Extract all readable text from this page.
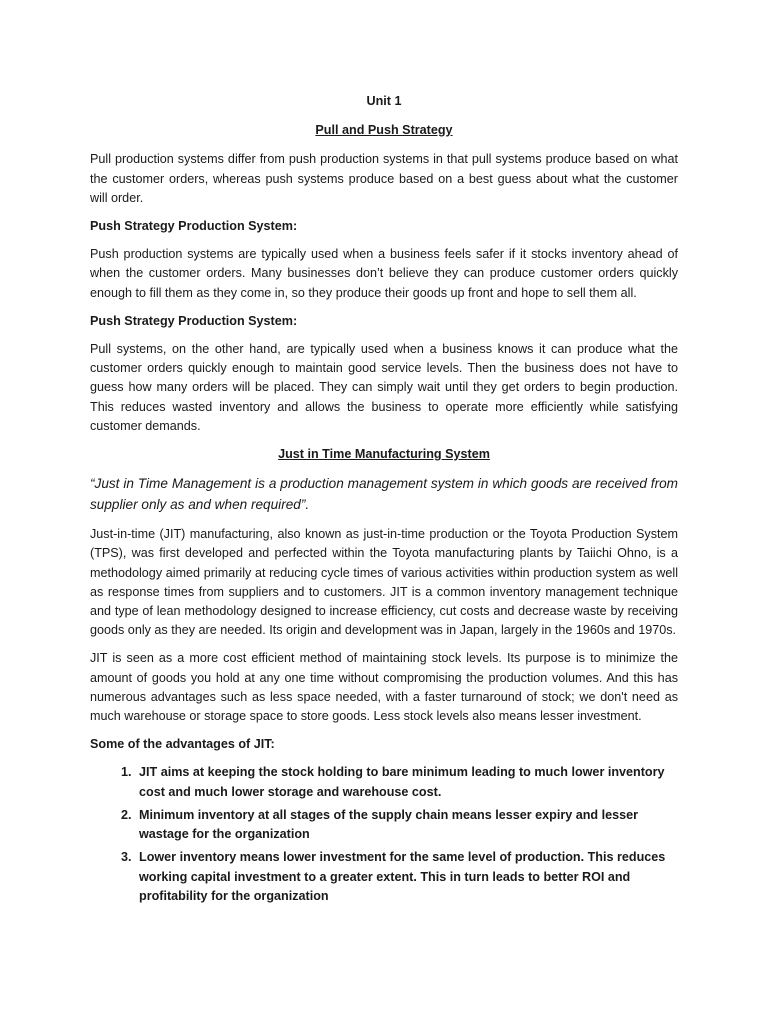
Unit 1

Pull and Push Strategy

Pull production systems differ from push production systems in that pull systems produce based on what the customer orders, whereas push systems produce based on a best guess about what the customer will order.

Push Strategy Production System:

Push production systems are typically used when a business feels safer if it stocks inventory ahead of when the customer orders. Many businesses don’t believe they can produce customer orders quickly enough to fill them as they come in, so they produce their goods up front and hope to sell them all.

Push Strategy Production System:

Pull systems, on the other hand, are typically used when a business knows it can produce what the customer orders quickly enough to maintain good service levels. Then the business does not have to guess how many orders will be placed. They can simply wait until they get orders to begin production. This reduces wasted inventory and allows the business to operate more efficiently while satisfying customer demands.

Just in Time Manufacturing System

“Just in Time Management is a production management system in which goods are received from supplier only as and when required”.

Just-in-time (JIT) manufacturing, also known as just-in-time production or the Toyota Production System (TPS), was first developed and perfected within the Toyota manufacturing plants by Taiichi Ohno, is a methodology aimed primarily at reducing cycle times of various activities within production system as well as response times from suppliers and to customers. JIT is a common inventory management technique and type of lean methodology designed to increase efficiency, cut costs and decrease waste by receiving goods only as they are needed. Its origin and development was in Japan, largely in the 1960s and 1970s.

JIT is seen as a more cost efficient method of maintaining stock levels. Its purpose is to minimize the amount of goods you hold at any one time without compromising the production volumes. And this has numerous advantages such as less space needed, with a faster turnaround of stock; we don't need as much warehouse or storage space to store goods. Less stock levels also means lesser investment.

Some of the advantages of JIT:

1. JIT aims at keeping the stock holding to bare minimum leading to much lower inventory cost and much lower storage and warehouse cost.
2. Minimum inventory at all stages of the supply chain means lesser expiry and lesser wastage for the organization
3. Lower inventory means lower investment for the same level of production. This reduces working capital investment to a greater extent. This in turn leads to better ROI and profitability for the organization
